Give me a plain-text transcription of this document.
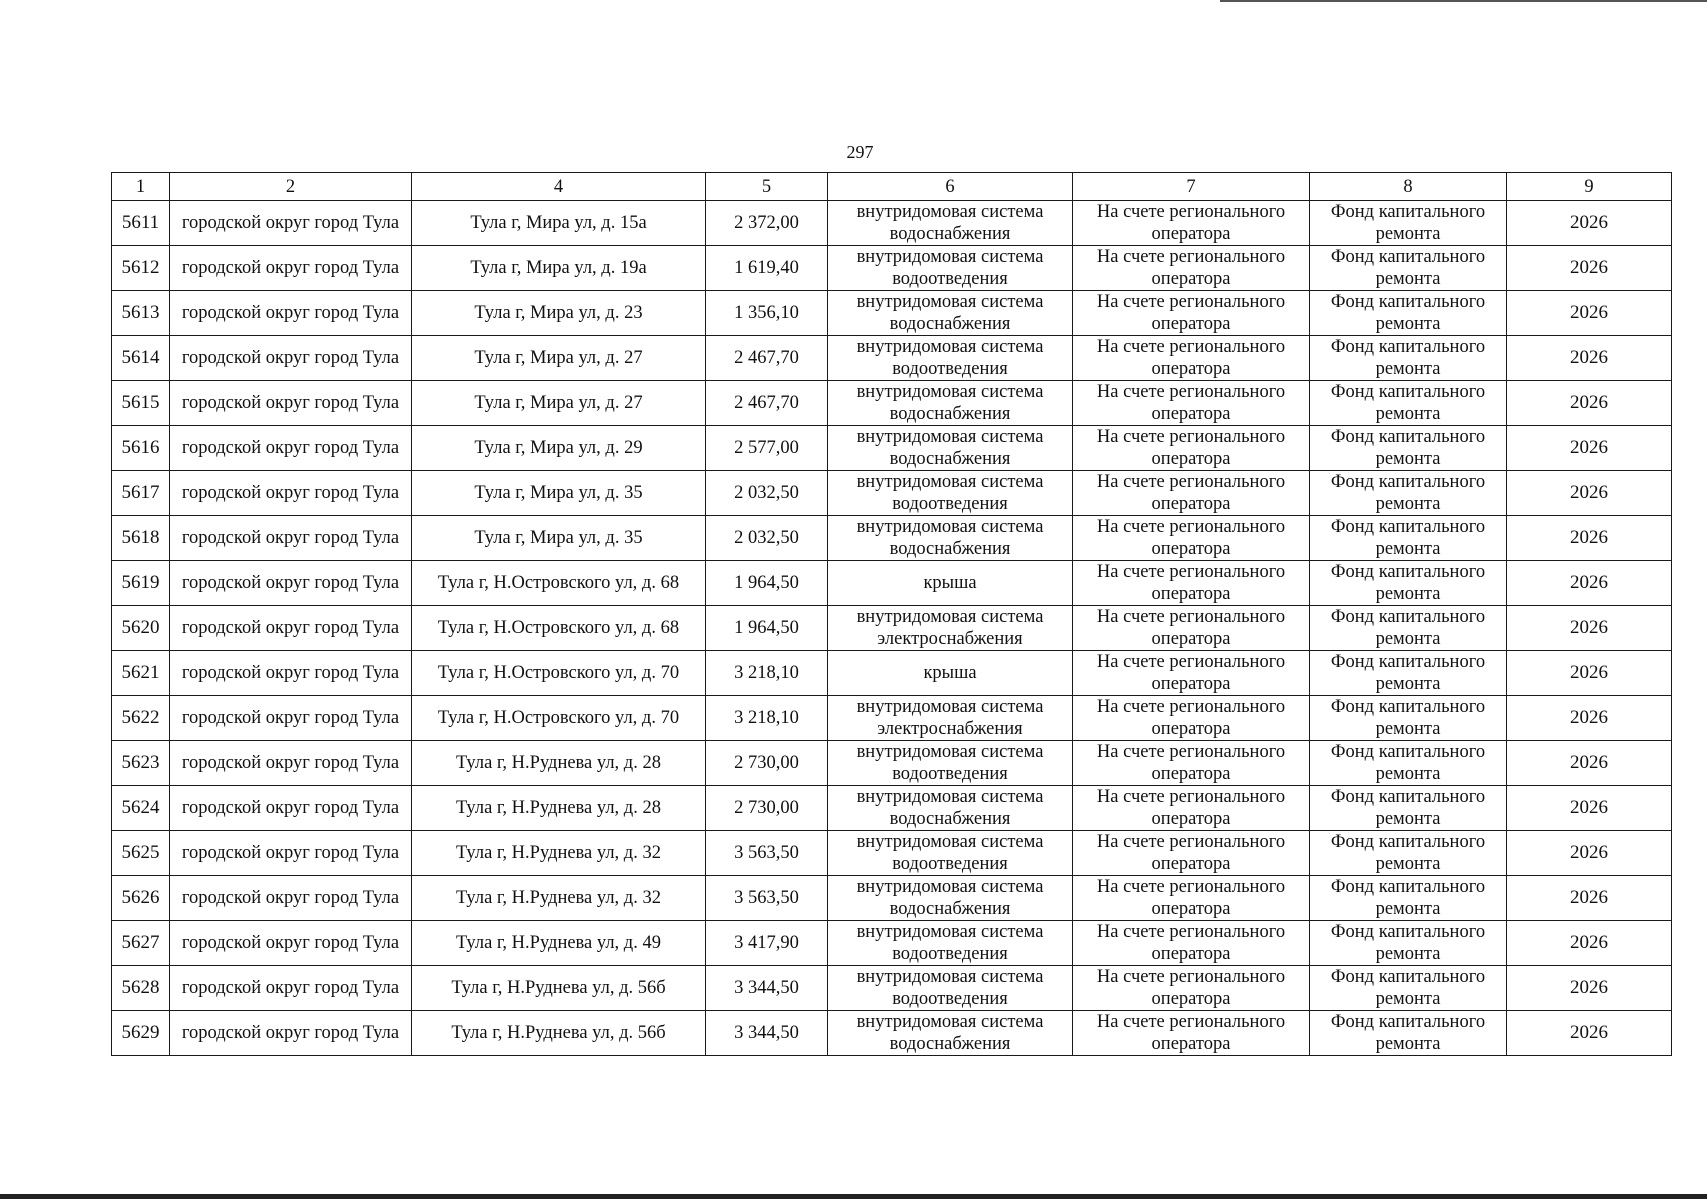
297
1	2	4	5	6	7	8	9
5611	городской округ город Тула	Тула г, Мира ул, д. 15а	2 372,00	внутридомовая система водоснабжения	На счете регионального оператора	Фонд капитального ремонта	2026
5612	городской округ город Тула	Тула г, Мира ул, д. 19а	1 619,40	внутридомовая система водоотведения	На счете регионального оператора	Фонд капитального ремонта	2026
5613	городской округ город Тула	Тула г, Мира ул, д. 23	1 356,10	внутридомовая система водоснабжения	На счете регионального оператора	Фонд капитального ремонта	2026
5614	городской округ город Тула	Тула г, Мира ул, д. 27	2 467,70	внутридомовая система водоотведения	На счете регионального оператора	Фонд капитального ремонта	2026
5615	городской округ город Тула	Тула г, Мира ул, д. 27	2 467,70	внутридомовая система водоснабжения	На счете регионального оператора	Фонд капитального ремонта	2026
5616	городской округ город Тула	Тула г, Мира ул, д. 29	2 577,00	внутридомовая система водоснабжения	На счете регионального оператора	Фонд капитального ремонта	2026
5617	городской округ город Тула	Тула г, Мира ул, д. 35	2 032,50	внутридомовая система водоотведения	На счете регионального оператора	Фонд капитального ремонта	2026
5618	городской округ город Тула	Тула г, Мира ул, д. 35	2 032,50	внутридомовая система водоснабжения	На счете регионального оператора	Фонд капитального ремонта	2026
5619	городской округ город Тула	Тула г, Н.Островского ул, д. 68	1 964,50	крыша	На счете регионального оператора	Фонд капитального ремонта	2026
5620	городской округ город Тула	Тула г, Н.Островского ул, д. 68	1 964,50	внутридомовая система электроснабжения	На счете регионального оператора	Фонд капитального ремонта	2026
5621	городской округ город Тула	Тула г, Н.Островского ул, д. 70	3 218,10	крыша	На счете регионального оператора	Фонд капитального ремонта	2026
5622	городской округ город Тула	Тула г, Н.Островского ул, д. 70	3 218,10	внутридомовая система электроснабжения	На счете регионального оператора	Фонд капитального ремонта	2026
5623	городской округ город Тула	Тула г, Н.Руднева ул, д. 28	2 730,00	внутридомовая система водоотведения	На счете регионального оператора	Фонд капитального ремонта	2026
5624	городской округ город Тула	Тула г, Н.Руднева ул, д. 28	2 730,00	внутридомовая система водоснабжения	На счете регионального оператора	Фонд капитального ремонта	2026
5625	городской округ город Тула	Тула г, Н.Руднева ул, д. 32	3 563,50	внутридомовая система водоотведения	На счете регионального оператора	Фонд капитального ремонта	2026
5626	городской округ город Тула	Тула г, Н.Руднева ул, д. 32	3 563,50	внутридомовая система водоснабжения	На счете регионального оператора	Фонд капитального ремонта	2026
5627	городской округ город Тула	Тула г, Н.Руднева ул, д. 49	3 417,90	внутридомовая система водоотведения	На счете регионального оператора	Фонд капитального ремонта	2026
5628	городской округ город Тула	Тула г, Н.Руднева ул, д. 56б	3 344,50	внутридомовая система водоотведения	На счете регионального оператора	Фонд капитального ремонта	2026
5629	городской округ город Тула	Тула г, Н.Руднева ул, д. 56б	3 344,50	внутридомовая система водоснабжения	На счете регионального оператора	Фонд капитального ремонта	2026
